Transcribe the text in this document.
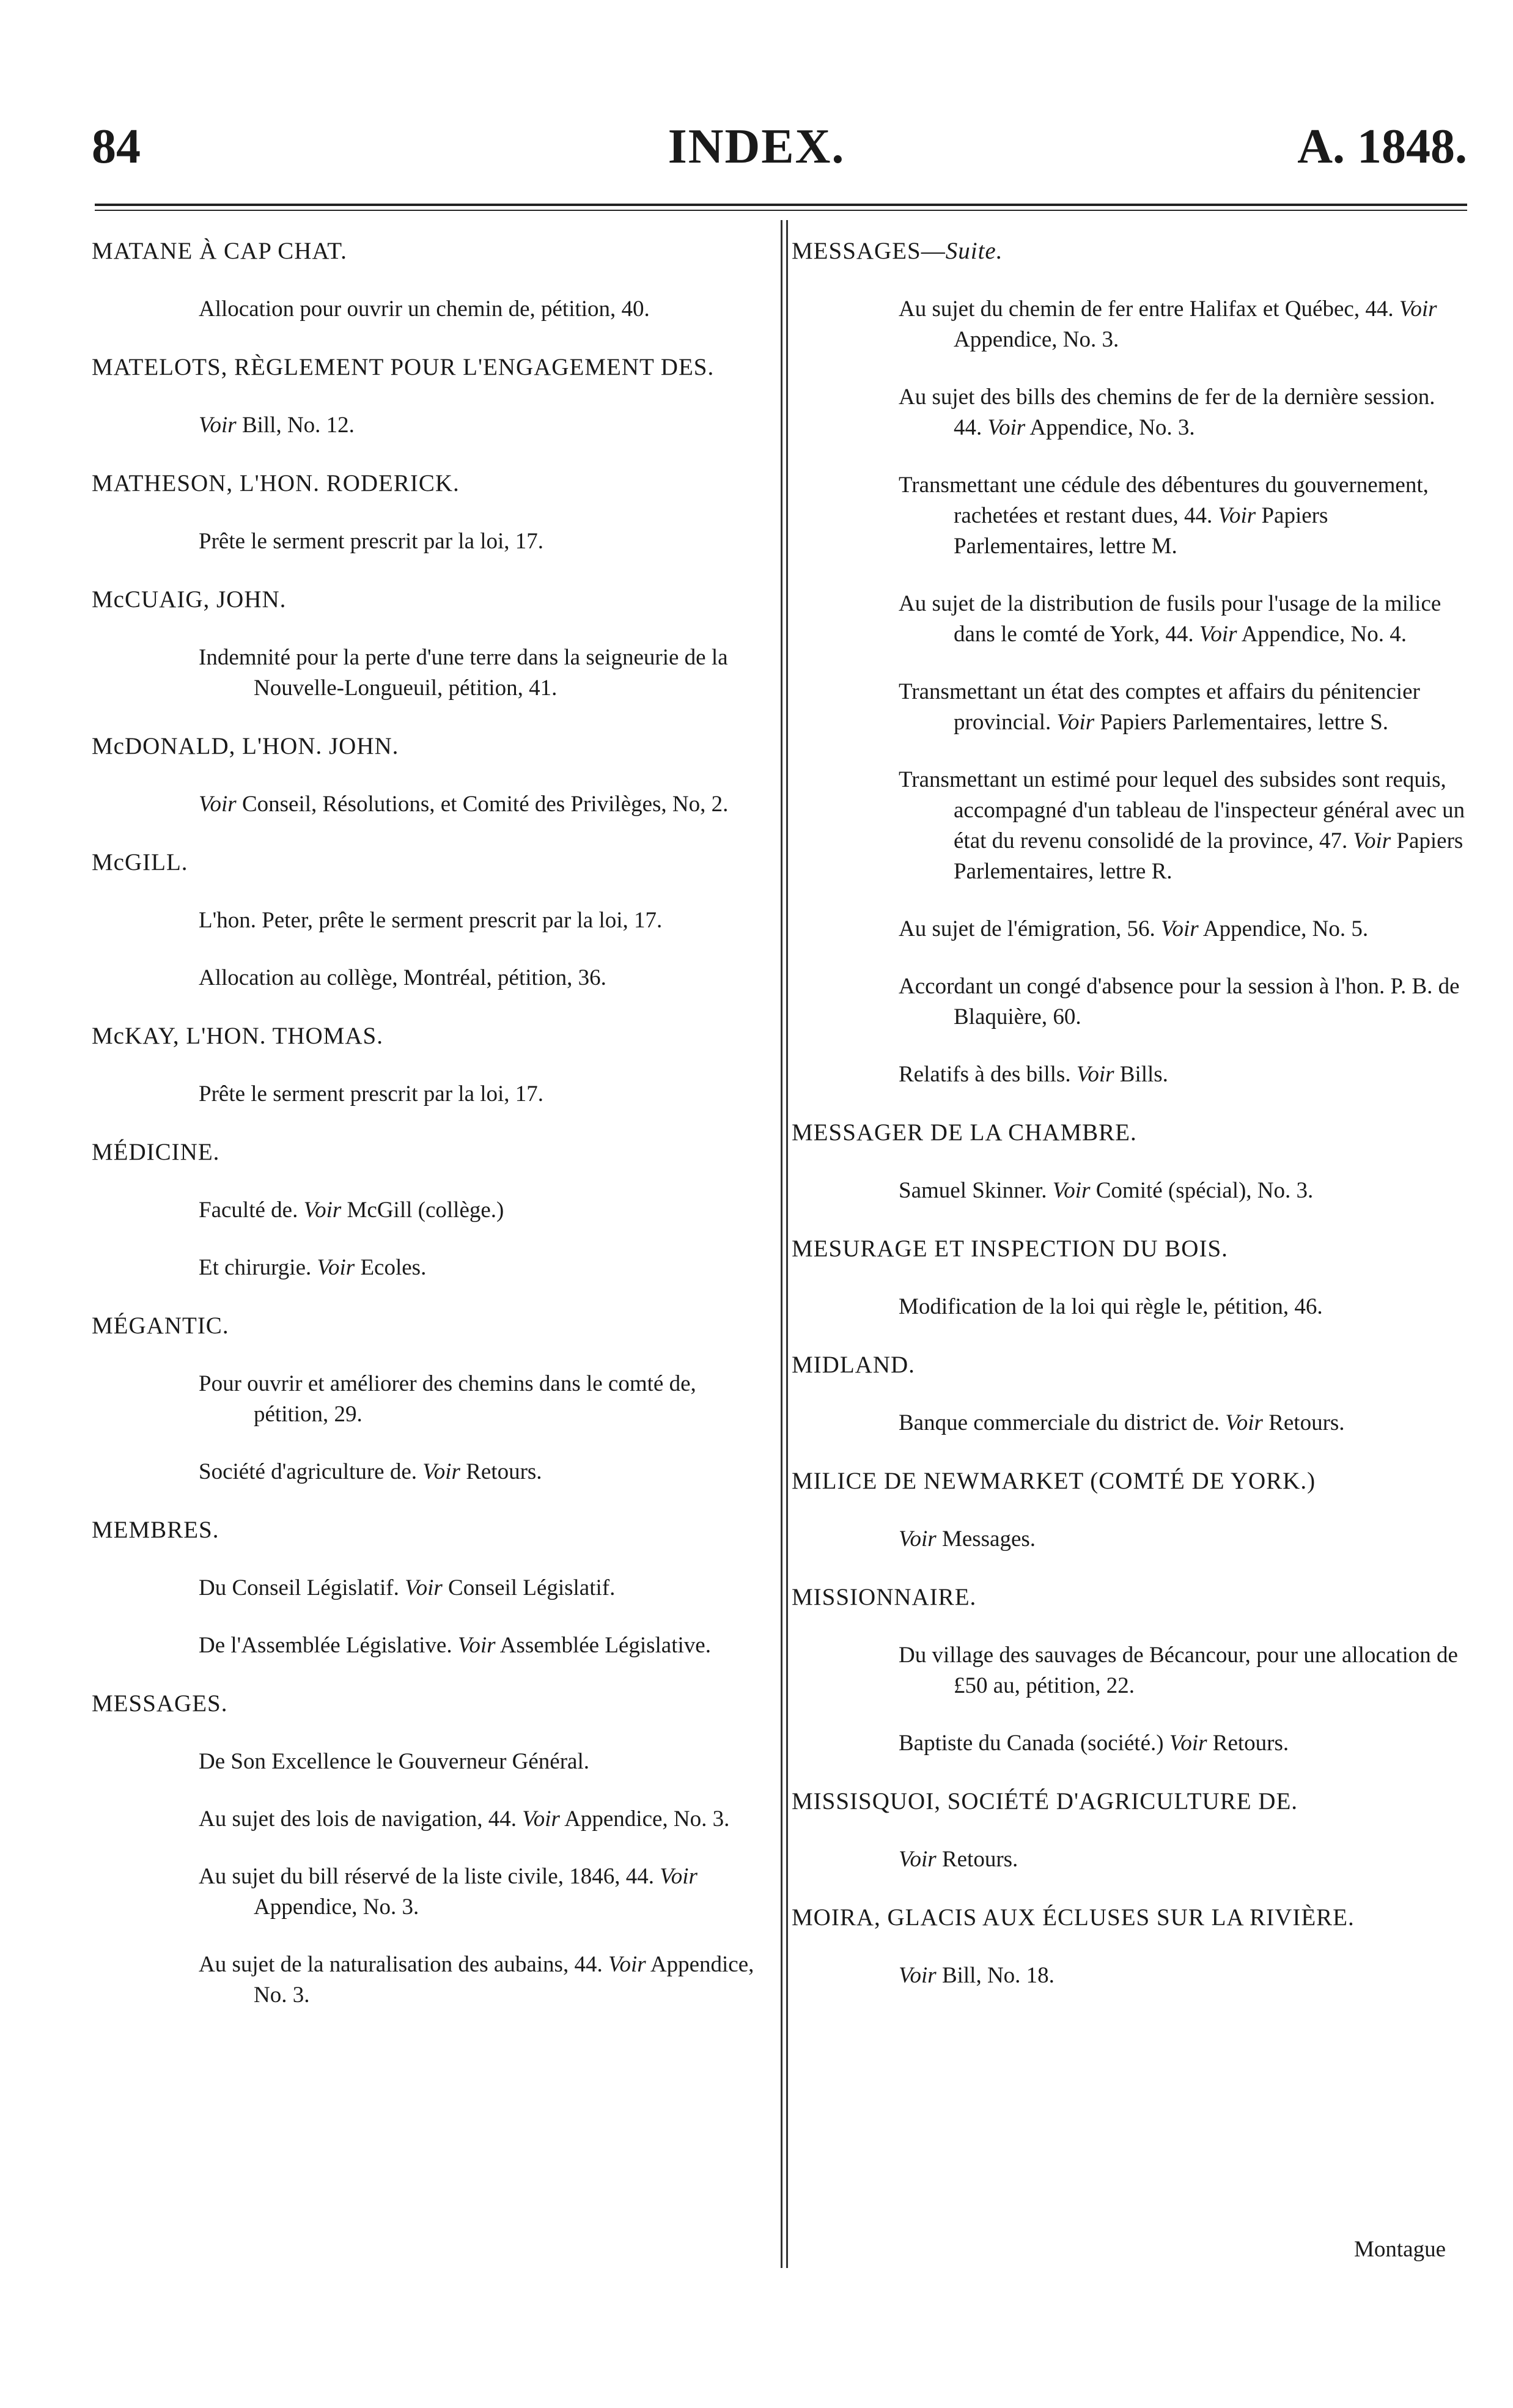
INDEX.
84	A. 1848.

MATANE À CAP CHAT.

Allocation pour ouvrir un chemin de, pétition, 40.

MATELOTS, RÈGLEMENT POUR L'ENGAGEMENT DES.

Voir Bill, No. 12.

MATHESON, L'HON. RODERICK.

Prête le serment prescrit par la loi, 17.

McCUAIG, JOHN.

Indemnité pour la perte d'une terre dans la seigneurie de la Nouvelle-Longueuil, pétition, 41.

McDONALD, L'HON. JOHN.

Voir Conseil, Résolutions, et Comité des Privilèges, No, 2.

McGILL.

L'hon. Peter, prête le serment prescrit par la loi, 17.

Allocation au collège, Montréal, pétition, 36.

McKAY, L'HON. THOMAS.

Prête le serment prescrit par la loi, 17.

MÉDICINE.

Faculté de. Voir McGill (collège.)

Et chirurgie. Voir Ecoles.

MÉGANTIC.

Pour ouvrir et améliorer des chemins dans le comté de, pétition, 29.

Société d'agriculture de. Voir Retours.

MEMBRES.

Du Conseil Législatif. Voir Conseil Législatif.

De l'Assemblée Législative. Voir Assemblée Législative.

MESSAGES.

De Son Excellence le Gouverneur Général.

Au sujet des lois de navigation, 44. Voir Appendice, No. 3.

Au sujet du bill réservé de la liste civile, 1846, 44. Voir Appendice, No. 3.

Au sujet de la naturalisation des aubains, 44. Voir Appendice, No. 3.

MESSAGES—Suite.

Au sujet du chemin de fer entre Halifax et Québec, 44. Voir Appendice, No. 3.

Au sujet des bills des chemins de fer de la dernière session. 44. Voir Appendice, No. 3.

Transmettant une cédule des débentures du gouvernement, rachetées et restant dues, 44. Voir Papiers Parlementaires, lettre M.

Au sujet de la distribution de fusils pour l'usage de la milice dans le comté de York, 44. Voir Appendice, No. 4.

Transmettant un état des comptes et affairs du pénitencier provincial. Voir Papiers Parlementaires, lettre S.

Transmettant un estimé pour lequel des subsides sont requis, accompagné d'un tableau de l'inspecteur général avec un état du revenu consolidé de la province, 47. Voir Papiers Parlementaires, lettre R.

Au sujet de l'émigration, 56. Voir Appendice, No. 5.

Accordant un congé d'absence pour la session à l'hon. P. B. de Blaquière, 60.

Relatifs à des bills. Voir Bills.

MESSAGER DE LA CHAMBRE.

Samuel Skinner. Voir Comité (spécial), No. 3.

MESURAGE ET INSPECTION DU BOIS.

Modification de la loi qui règle le, pétition, 46.

MIDLAND.

Banque commerciale du district de. Voir Retours.

MILICE DE NEWMARKET (COMTÉ DE YORK.)

Voir Messages.

MISSIONNAIRE.

Du village des sauvages de Bécancour, pour une allocation de £50 au, pétition, 22.

Baptiste du Canada (société.) Voir Retours.

MISSISQUOI, SOCIÉTÉ D'AGRICULTURE DE.

Voir Retours.

MOIRA, GLACIS AUX ÉCLUSES SUR LA RIVIÈRE.

Voir Bill, No. 18.

Montague
